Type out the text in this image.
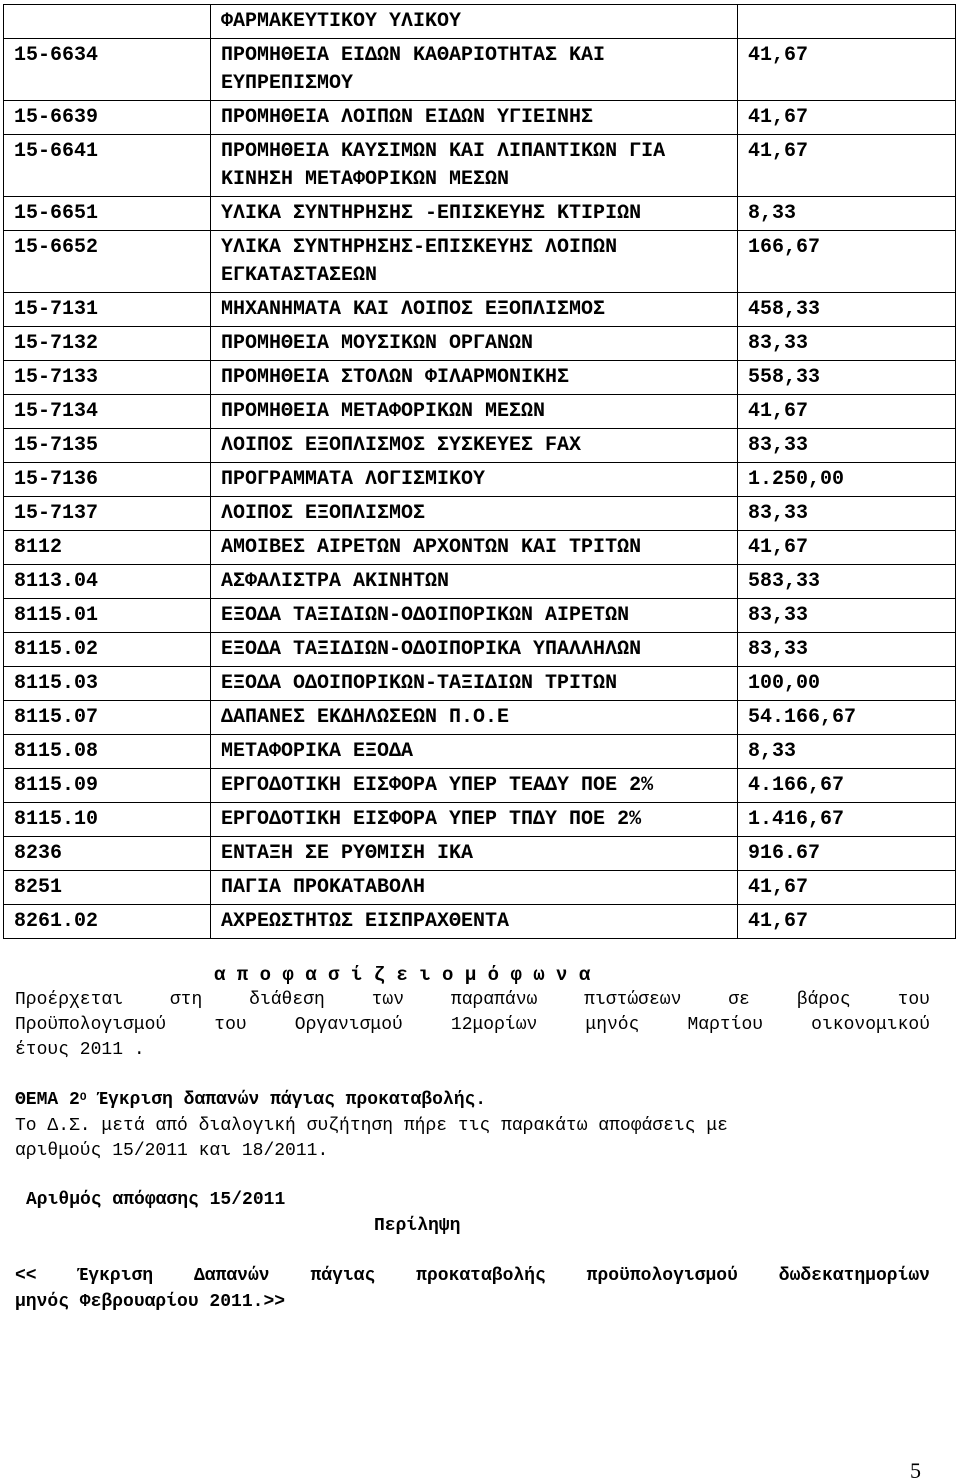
	ΦΑΡΜΑΚΕΥΤΙΚΟΥ ΥΛΙΚΟΥ	
15-6634	ΠΡΟΜΗΘΕΙΑ ΕΙΔΩΝ ΚΑΘΑΡΙΟΤΗΤΑΣ ΚΑΙ ΕΥΠΡΕΠΙΣΜΟΥ	41,67
15-6639	ΠΡΟΜΗΘΕΙΑ ΛΟΙΠΩΝ ΕΙΔΩΝ ΥΓΙΕΙΝΗΣ	41,67
15-6641	ΠΡΟΜΗΘΕΙΑ ΚΑΥΣΙΜΩΝ ΚΑΙ ΛΙΠΑΝΤΙΚΩΝ ΓΙΑ ΚΙΝΗΣΗ ΜΕΤΑΦΟΡΙΚΩΝ ΜΕΣΩΝ	41,67
15-6651	ΥΛΙΚΑ ΣΥΝΤΗΡΗΣΗΣ -ΕΠΙΣΚΕΥΗΣ ΚΤΙΡΙΩΝ	8,33
15-6652	ΥΛΙΚΑ ΣΥΝΤΗΡΗΣΗΣ-ΕΠΙΣΚΕΥΗΣ ΛΟΙΠΩΝ ΕΓΚΑΤΑΣΤΑΣΕΩΝ	166,67
15-7131	ΜΗΧΑΝΗΜΑΤΑ ΚΑΙ ΛΟΙΠΟΣ ΕΞΟΠΛΙΣΜΟΣ	458,33
15-7132	ΠΡΟΜΗΘΕΙΑ ΜΟΥΣΙΚΩΝ ΟΡΓΑΝΩΝ	83,33
15-7133	ΠΡΟΜΗΘΕΙΑ ΣΤΟΛΩΝ ΦΙΛΑΡΜΟΝΙΚΗΣ	558,33
15-7134	ΠΡΟΜΗΘΕΙΑ ΜΕΤΑΦΟΡΙΚΩΝ ΜΕΣΩΝ	41,67
15-7135	ΛΟΙΠΟΣ ΕΞΟΠΛΙΣΜΟΣ ΣΥΣΚΕΥΕΣ FAX	83,33
15-7136	ΠΡΟΓΡΑΜΜΑΤΑ ΛΟΓΙΣΜΙΚΟΥ	1.250,00
15-7137	ΛΟΙΠΟΣ ΕΞΟΠΛΙΣΜΟΣ	83,33
8112	ΑΜΟΙΒΕΣ ΑΙΡΕΤΩΝ ΑΡΧΟΝΤΩΝ ΚΑΙ ΤΡΙΤΩΝ	41,67
8113.04	ΑΣΦΑΛΙΣΤΡΑ ΑΚΙΝΗΤΩΝ	583,33
8115.01	ΕΞΟΔΑ ΤΑΞΙΔΙΩΝ-ΟΔΟΙΠΟΡΙΚΩΝ ΑΙΡΕΤΩΝ	83,33
8115.02	ΕΞΟΔΑ ΤΑΞΙΔΙΩΝ-ΟΔΟΙΠΟΡΙΚΑ ΥΠΑΛΛΗΛΩΝ	83,33
8115.03	ΕΞΟΔΑ ΟΔΟΙΠΟΡΙΚΩΝ-ΤΑΞΙΔΙΩΝ ΤΡΙΤΩΝ	100,00
8115.07	ΔΑΠΑΝΕΣ ΕΚΔΗΛΩΣΕΩΝ Π.Ο.Ε	54.166,67
8115.08	ΜΕΤΑΦΟΡΙΚΑ ΕΞΟΔΑ	8,33
8115.09	ΕΡΓΟΔΟΤΙΚΗ ΕΙΣΦΟΡΑ ΥΠΕΡ ΤΕΑΔΥ ΠΟΕ 2%	4.166,67
8115.10	ΕΡΓΟΔΟΤΙΚΗ ΕΙΣΦΟΡΑ ΥΠΕΡ ΤΠΔΥ ΠΟΕ 2%	1.416,67
8236	ΕΝΤΑΞΗ ΣΕ ΡΥΘΜΙΣΗ ΙΚΑ	916.67
8251	ΠΑΓΙΑ ΠΡΟΚΑΤΑΒΟΛΗ	41,67
8261.02	ΑΧΡΕΩΣΤΗΤΩΣ ΕΙΣΠΡΑΧΘΕΝΤΑ	41,67
α π ο φ α σ ί ζ ε ι ο μ ό φ ω ν α
Προέρχεται στη διάθεση των παραπάνω πιστώσεων σε βάρος του
Προϋπολογισμού του Οργανισμού 12μορίων μηνός Μαρτίου οικονομικού
έτους 2011 .
ΘΕΜΑ $2^O$ Έγκριση δαπανών πάγιας προκαταβολής.
Το Δ.Σ. μετά από διαλογική συζήτηση πήρε τις παρακάτω αποφάσεις με
αριθμούς 15/2011 και 18/2011.
Αριθμός απόφασης 15/2011
Περίληψη
<< Έγκριση Δαπανών πάγιας προκαταβολής προϋπολογισμού δωδεκατημορίων
μηνός Φεβρουαρίου 2011.>>
5
